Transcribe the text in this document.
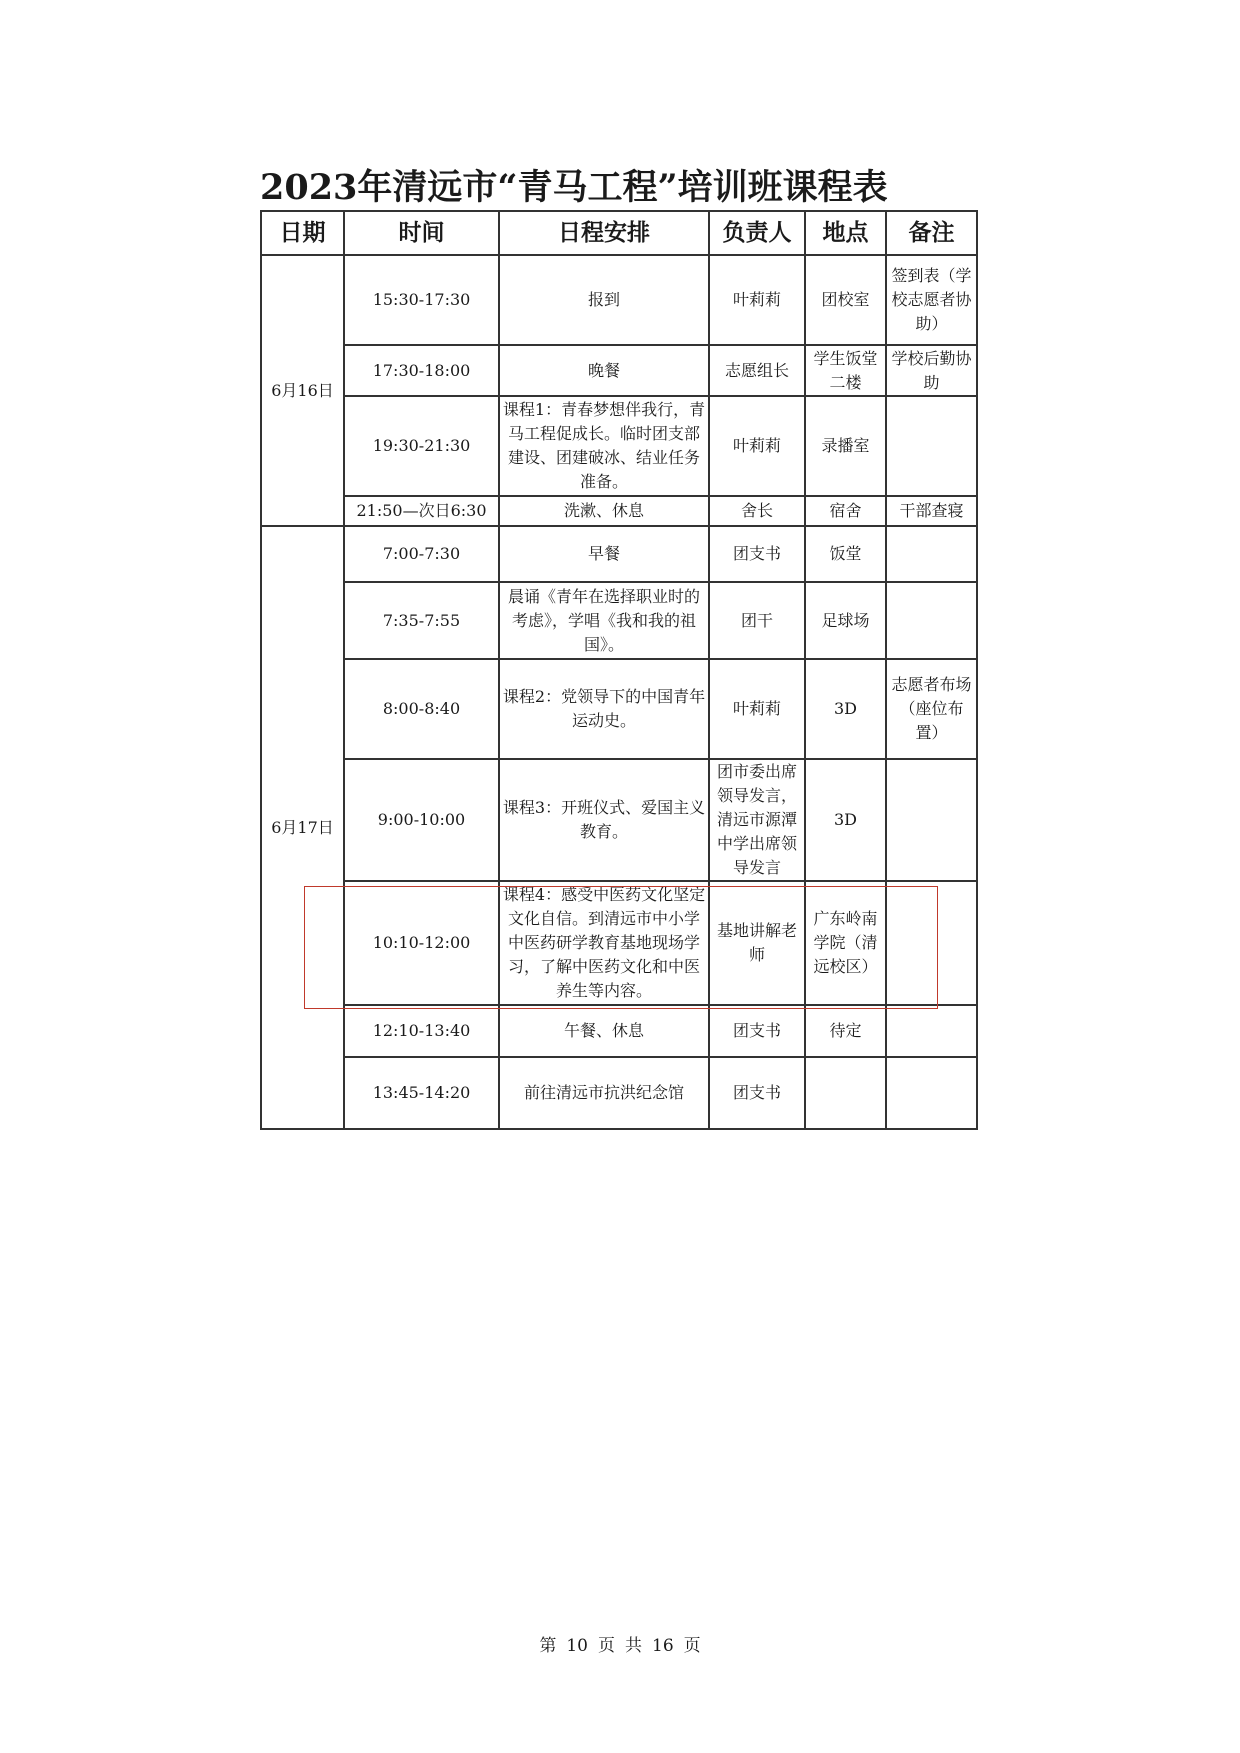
2023年清远市“青马工程”培训班课程表
日期	时间	日程安排	负责人	地点	备注
6月16日	15:30-17:30	报到	叶莉莉	团校室	签到表（学校志愿者协助）
	17:30-18:00	晚餐	志愿组长	学生饭堂二楼	学校后勤协助
	19:30-21:30	课程1：青春梦想伴我行，青马工程促成长。临时团支部建设、团建破冰、结业任务准备。	叶莉莉	录播室	
	21:50—次日6:30	洗漱、休息	舍长	宿舍	干部查寝
6月17日	7:00-7:30	早餐	团支书	饭堂	
	7:35-7:55	晨诵《青年在选择职业时的考虑》，学唱《我和我的祖国》。	团干	足球场	
	8:00-8:40	课程2：党领导下的中国青年运动史。	叶莉莉	3D	志愿者布场（座位布置）
	9:00-10:00	课程3：开班仪式、爱国主义教育。	团市委出席领导发言，清远市源潭中学出席领导发言	3D	
	10:10-12:00	课程4：感受中医药文化坚定文化自信。到清远市中小学中医药研学教育基地现场学习，了解中医药文化和中医养生等内容。	基地讲解老师	广东岭南学院（清远校区）	
	12:10-13:40	午餐、休息	团支书	待定	
	13:45-14:20	前往清远市抗洪纪念馆	团支书		
第 10 页 共 16 页
